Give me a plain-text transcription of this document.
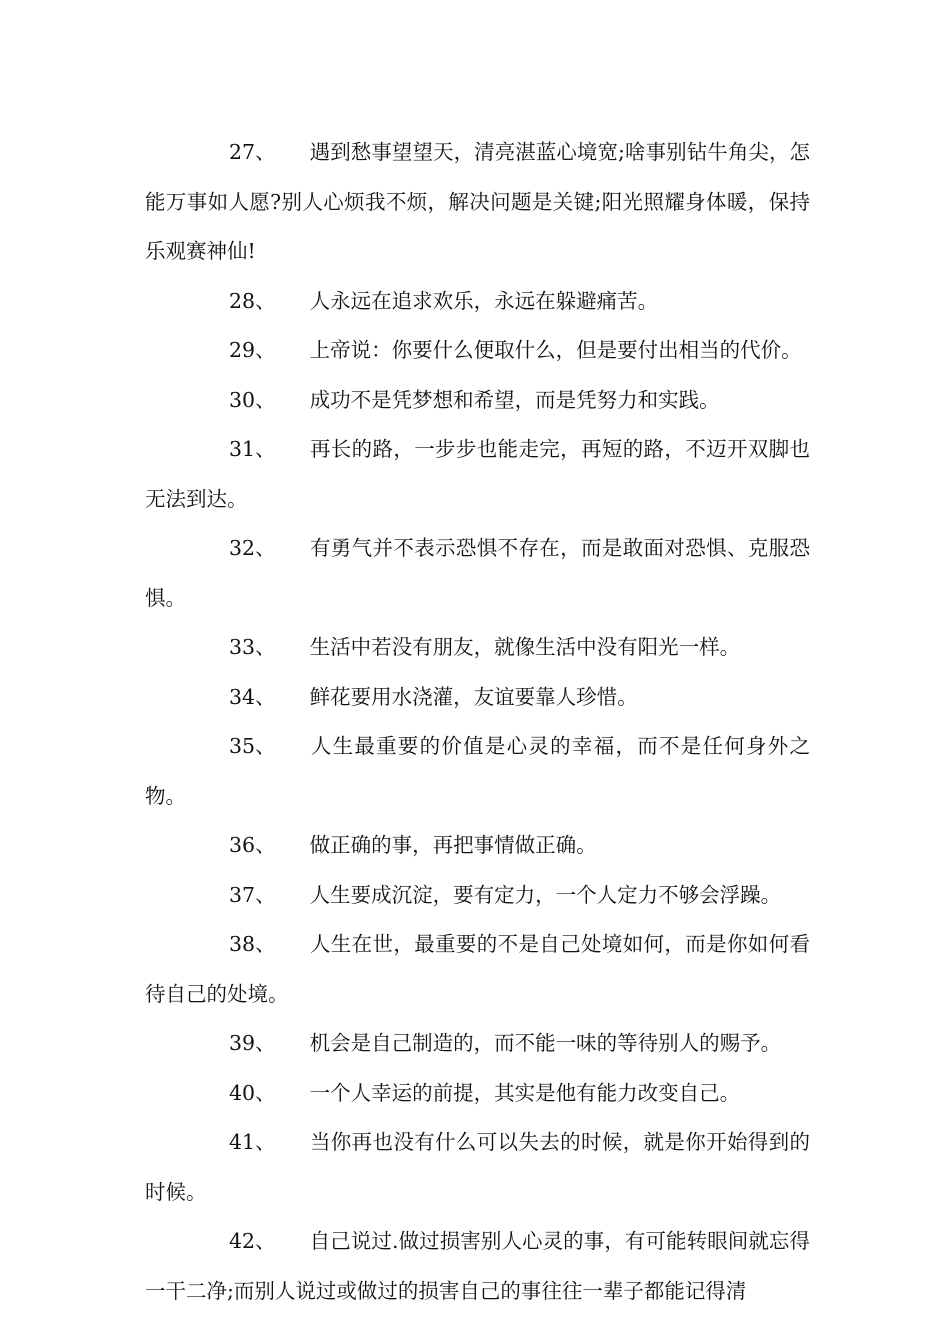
27、 遇到愁事望望天，清亮湛蓝心境宽;啥事别钻牛角尖，怎能万事如人愿?别人心烦我不烦，解决问题是关键;阳光照耀身体暖，保持乐观赛神仙!

28、 人永远在追求欢乐，永远在躲避痛苦。

29、 上帝说：你要什么便取什么，但是要付出相当的代价。

30、 成功不是凭梦想和希望，而是凭努力和实践。

31、 再长的路，一步步也能走完，再短的路，不迈开双脚也无法到达。

32、 有勇气并不表示恐惧不存在，而是敢面对恐惧、克服恐惧。

33、 生活中若没有朋友，就像生活中没有阳光一样。

34、 鲜花要用水浇灌，友谊要靠人珍惜。

35、 人生最重要的价值是心灵的幸福，而不是任何身外之物。

36、 做正确的事，再把事情做正确。

37、 人生要成沉淀，要有定力，一个人定力不够会浮躁。

38、 人生在世，最重要的不是自己处境如何，而是你如何看待自己的处境。

39、 机会是自己制造的，而不能一味的等待别人的赐予。

40、 一个人幸运的前提，其实是他有能力改变自己。

41、 当你再也没有什么可以失去的时候，就是你开始得到的时候。

42、 自己说过.做过损害别人心灵的事，有可能转眼间就忘得一干二净;而别人说过或做过的损害自己的事往往一辈子都能记得清
